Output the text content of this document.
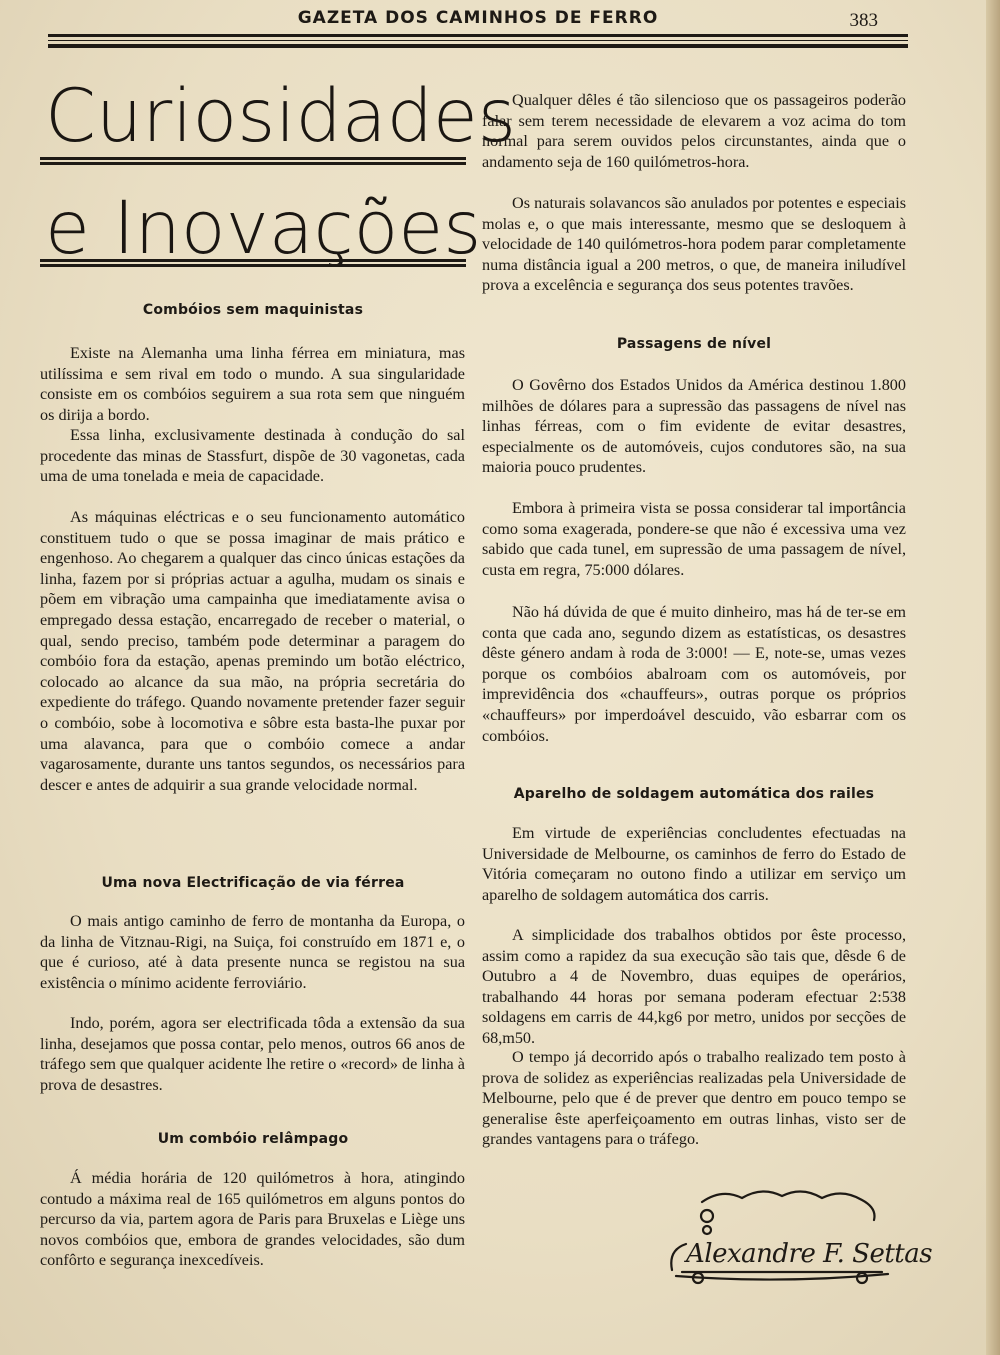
GAZETA DOS CAMINHOS DE FERRO	383
Curiosidades
e Inovações
Combóios sem maquinistas

Existe na Alemanha uma linha férrea em miniatura, mas utilíssima e sem rival em todo o mundo. A sua singularidade consiste em os combóios seguirem a sua rota sem que ninguém os dirija a bordo.

Essa linha, exclusivamente destinada à condução do sal procedente das minas de Stassfurt, dispõe de 30 vagonetas, cada uma de uma tonelada e meia de capacidade.

As máquinas eléctricas e o seu funcionamento automático constituem tudo o que se possa imaginar de mais prático e engenhoso. Ao chegarem a qualquer das cinco únicas estações da linha, fazem por si próprias actuar a agulha, mudam os sinais e põem em vibração uma campainha que imediatamente avisa o empregado dessa estação, encarregado de receber o material, o qual, sendo preciso, também pode determinar a paragem do combóio fora da estação, apenas premindo um botão eléctrico, colocado ao alcance da sua mão, na própria secretária do expediente do tráfego. Quando novamente pretender fazer seguir o combóio, sobe à locomotiva e sôbre esta basta-lhe puxar por uma alavanca, para que o combóio comece a andar vagarosamente, durante uns tantos segundos, os necessários para descer e antes de adquirir a sua grande velocidade normal.

Uma nova Electrificação de via férrea

O mais antigo caminho de ferro de montanha da Europa, o da linha de Vitznau-Rigi, na Suiça, foi construído em 1871 e, o que é curioso, até à data presente nunca se registou na sua existência o mínimo acidente ferroviário.

Indo, porém, agora ser electrificada tôda a extensão da sua linha, desejamos que possa contar, pelo menos, outros 66 anos de tráfego sem que qualquer acidente lhe retire o «record» de linha à prova de desastres.

Um combóio relâmpago

Á média horária de 120 quilómetros à hora, atingindo contudo a máxima real de 165 quilómetros em alguns pontos do percurso da via, partem agora de Paris para Bruxelas e Liège uns novos combóios que, embora de grandes velocidades, são dum confôrto e segurança inexcedíveis.

Qualquer dêles é tão silencioso que os passageiros poderão falar sem terem necessidade de elevarem a voz acima do tom normal para serem ouvidos pelos circunstantes, ainda que o andamento seja de 160 quilómetros-hora.

Os naturais solavancos são anulados por potentes e especiais molas e, o que mais interessante, mesmo que se desloquem à velocidade de 140 quilómetros-hora podem parar completamente numa distância igual a 200 metros, o que, de maneira iniludível prova a excelência e segurança dos seus potentes travões.

Passagens de nível

O Govêrno dos Estados Unidos da América destinou 1.800 milhões de dólares para a supressão das passagens de nível nas linhas férreas, com o fim evidente de evitar desastres, especialmente os de automóveis, cujos condutores são, na sua maioria pouco prudentes.

Embora à primeira vista se possa considerar tal importância como soma exagerada, pondere-se que não é excessiva uma vez sabido que cada tunel, em supressão de uma passagem de nível, custa em regra, 75:000 dólares.

Não há dúvida de que é muito dinheiro, mas há de ter-se em conta que cada ano, segundo dizem as estatísticas, os desastres dêste género andam à roda de 3:000! — E, note-se, umas vezes porque os combóios abalroam com os automóveis, por imprevidência dos «chauffeurs», outras porque os próprios «chauffeurs» por imperdoável descuido, vão esbarrar com os combóios.

Aparelho de soldagem automática dos railes

Em virtude de experiências concludentes efectuadas na Universidade de Melbourne, os caminhos de ferro do Estado de Vitória começaram no outono findo a utilizar em serviço um aparelho de soldagem automática dos carris.

A simplicidade dos trabalhos obtidos por êste processo, assim como a rapidez da sua execução são tais que, dêsde 6 de Outubro a 4 de Novembro, duas equipes de operários, trabalhando 44 horas por semana poderam efectuar 2:538 soldagens em carris de 44,kg6 por metro, unidos por secções de 68,m50.

O tempo já decorrido após o trabalho realizado tem posto à prova de solidez as experiências realizadas pela Universidade de Melbourne, pelo que é de prever que dentro em pouco tempo se generalise êste aperfeiçoamento em outras linhas, visto ser de grandes vantagens para o tráfego.

Alexandre F. Settas
